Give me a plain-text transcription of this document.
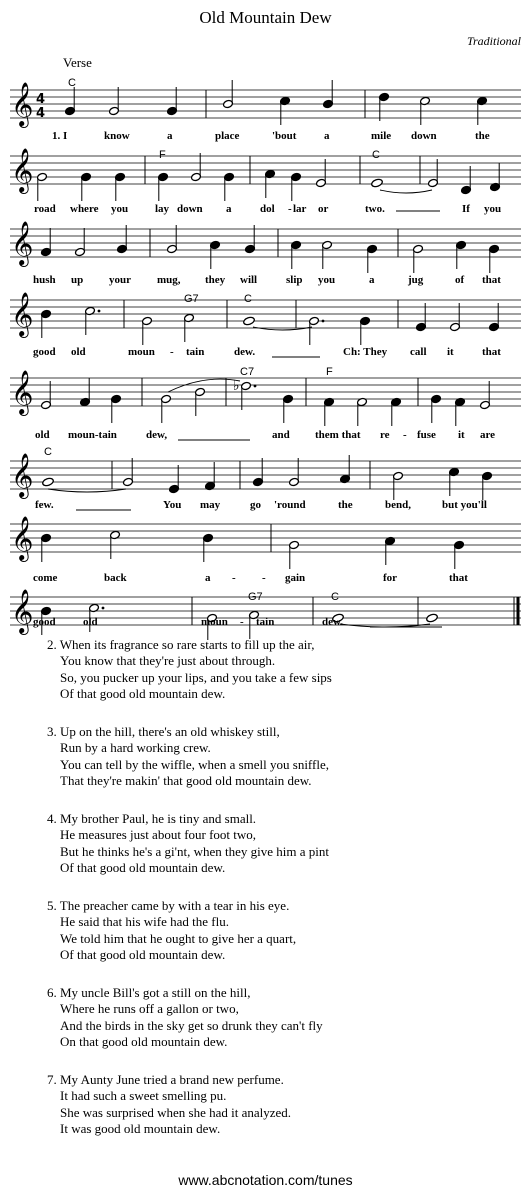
Old Mountain Dew
Traditional
Verse
𝄞 4
4
C
1. I	know	a	place	'bout	a	mile down	the
𝄞	F	C
road where you lay down a	dol - lar or	two.	If you
𝄞
hush up your mug, they will	slip you	a	jug	of that
𝄞	G7	C
good old	moun - tain	dew.	Ch: They call it	that
𝄞	♭
C7	F
old moun-tain	dew,	and them that re - fuse it are
𝄞
C
few.	You may	go 'round	the	bend,	but you'll
𝄞
come	back	a - - gain	for	that
𝄞	G7	C
good old	moun - tain	dew.
2. When its fragrance so rare starts to fill up the air,
You know that they're just about through.
So, you pucker up your lips, and you take a few sips
Of that good old mountain dew.
3. Up on the hill, there's an old whiskey still,
Run by a hard working crew.
You can tell by the wiffle, when a smell you sniffle,
That they're makin' that good old mountain dew.
4. My brother Paul, he is tiny and small.
He measures just about four foot two,
But he thinks he's a gi'nt, when they give him a pint
Of that good old mountain dew.
5. The preacher came by with a tear in his eye.
He said that his wife had the flu.
We told him that he ought to give her a quart,
Of that good old mountain dew.
6. My uncle Bill's got a still on the hill,
Where he runs off a gallon or two,
And the birds in the sky get so drunk they can't fly
On that good old mountain dew.
7. My Aunty June tried a brand new perfume.
It had such a sweet smelling pu.
She was surprised when she had it analyzed.
It was good old mountain dew.
www.abcnotation.com/tunes
